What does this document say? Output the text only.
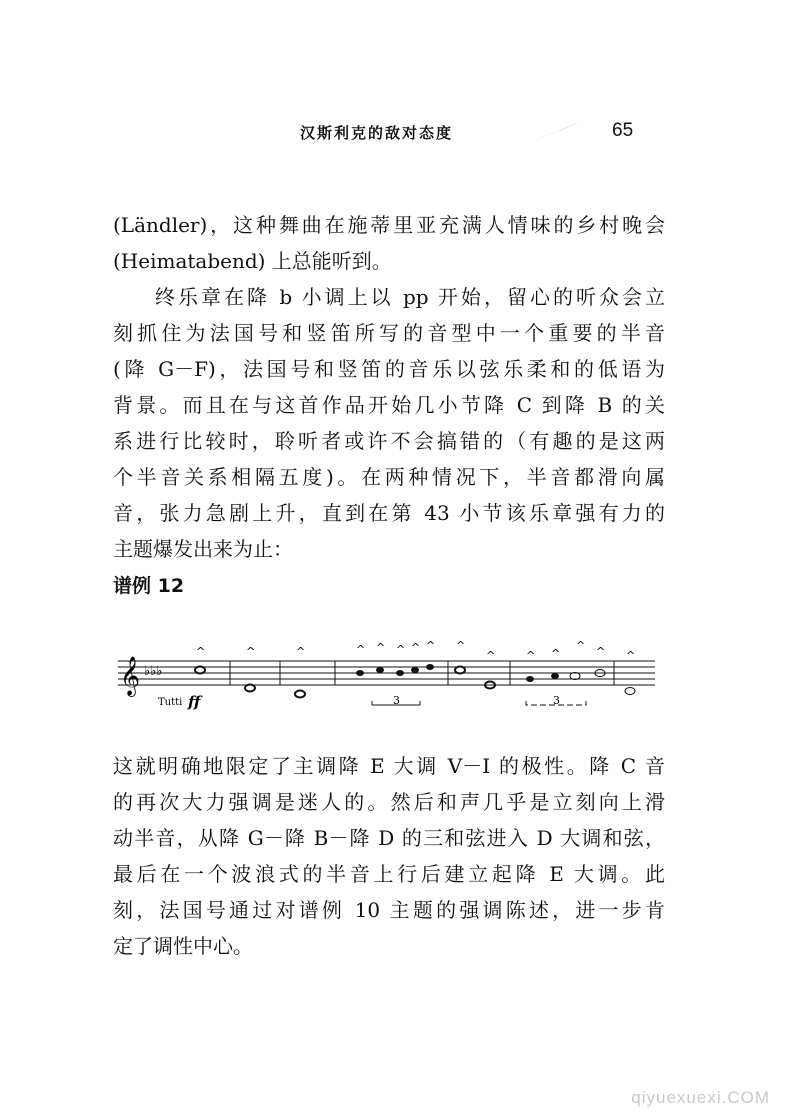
汉斯利克的敌对态度	65
(Ländler)，这种舞曲在施蒂里亚充满人情味的乡村晚会
(Heimatabend) 上总能听到。
终乐章在降 b 小调上以 pp 开始，留心的听众会立
刻抓住为法国号和竖笛所写的音型中一个重要的半音
(降 G－F)，法国号和竖笛的音乐以弦乐柔和的低语为
背景。而且在与这首作品开始几小节降 C 到降 B 的关
系进行比较时，聆听者或许不会搞错的（有趣的是这两
个半音关系相隔五度)。在两种情况下，半音都滑向属
音，张力急剧上升，直到在第 43 小节该乐章强有力的
主题爆发出来为止：
谱例 12
𝄞 ♭♭♭
^	^	^	^ ^ ^ ^ ^ ^
^	^ ^
^ ^ ^
Tutti ff	3	3
这就明确地限定了主调降 E 大调 V－I 的极性。降 C 音
的再次大力强调是迷人的。然后和声几乎是立刻向上滑
动半音，从降 G－降 B－降 D 的三和弦进入 D 大调和弦，
最后在一个波浪式的半音上行后建立起降 E 大调。此
刻，法国号通过对谱例 10 主题的强调陈述，进一步肯
定了调性中心。
qiyuexuexi.COM
